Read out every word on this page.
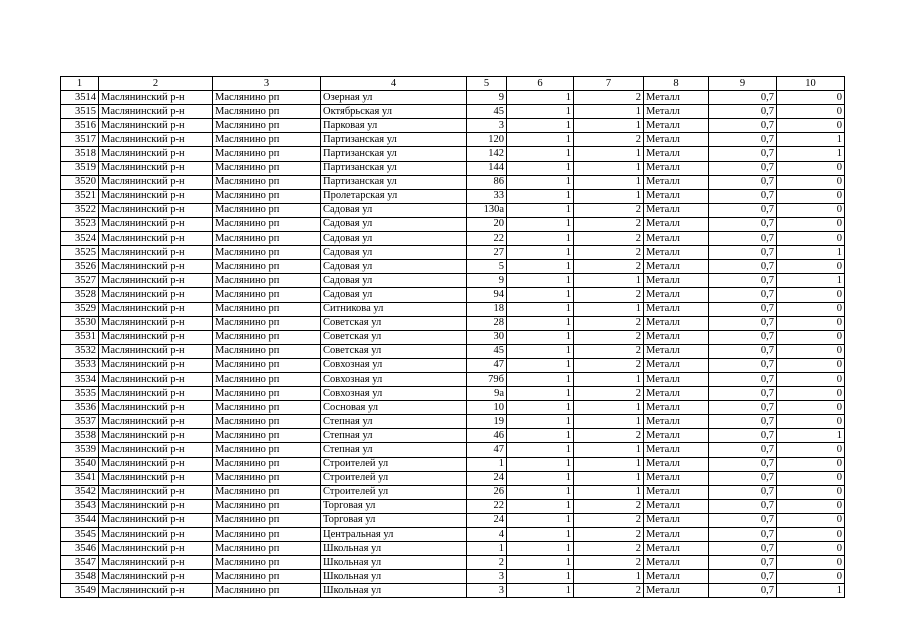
1	2	3	4	5	6	7	8	9	10
3514	Маслянинский р-н	Маслянино рп	Озерная ул	9	1	2	Металл	0,7	0
3515	Маслянинский р-н	Маслянино рп	Октябрьская ул	45	1	1	Металл	0,7	0
3516	Маслянинский р-н	Маслянино рп	Парковая ул	3	1	1	Металл	0,7	0
3517	Маслянинский р-н	Маслянино рп	Партизанская ул	120	1	2	Металл	0,7	1
3518	Маслянинский р-н	Маслянино рп	Партизанская ул	142	1	1	Металл	0,7	1
3519	Маслянинский р-н	Маслянино рп	Партизанская ул	144	1	1	Металл	0,7	0
3520	Маслянинский р-н	Маслянино рп	Партизанская ул	86	1	1	Металл	0,7	0
3521	Маслянинский р-н	Маслянино рп	Пролетарская ул	33	1	1	Металл	0,7	0
3522	Маслянинский р-н	Маслянино рп	Садовая ул	130а	1	2	Металл	0,7	0
3523	Маслянинский р-н	Маслянино рп	Садовая ул	20	1	2	Металл	0,7	0
3524	Маслянинский р-н	Маслянино рп	Садовая ул	22	1	2	Металл	0,7	0
3525	Маслянинский р-н	Маслянино рп	Садовая ул	27	1	2	Металл	0,7	1
3526	Маслянинский р-н	Маслянино рп	Садовая ул	5	1	2	Металл	0,7	0
3527	Маслянинский р-н	Маслянино рп	Садовая ул	9	1	1	Металл	0,7	1
3528	Маслянинский р-н	Маслянино рп	Садовая ул	94	1	2	Металл	0,7	0
3529	Маслянинский р-н	Маслянино рп	Ситникова ул	18	1	1	Металл	0,7	0
3530	Маслянинский р-н	Маслянино рп	Советская ул	28	1	2	Металл	0,7	0
3531	Маслянинский р-н	Маслянино рп	Советская ул	30	1	2	Металл	0,7	0
3532	Маслянинский р-н	Маслянино рп	Советская ул	45	1	2	Металл	0,7	0
3533	Маслянинский р-н	Маслянино рп	Совхозная ул	47	1	2	Металл	0,7	0
3534	Маслянинский р-н	Маслянино рп	Совхозная ул	79б	1	1	Металл	0,7	0
3535	Маслянинский р-н	Маслянино рп	Совхозная ул	9а	1	2	Металл	0,7	0
3536	Маслянинский р-н	Маслянино рп	Сосновая ул	10	1	1	Металл	0,7	0
3537	Маслянинский р-н	Маслянино рп	Степная ул	19	1	1	Металл	0,7	0
3538	Маслянинский р-н	Маслянино рп	Степная ул	46	1	2	Металл	0,7	1
3539	Маслянинский р-н	Маслянино рп	Степная ул	47	1	1	Металл	0,7	0
3540	Маслянинский р-н	Маслянино рп	Строителей ул	1	1	1	Металл	0,7	0
3541	Маслянинский р-н	Маслянино рп	Строителей ул	24	1	1	Металл	0,7	0
3542	Маслянинский р-н	Маслянино рп	Строителей ул	26	1	1	Металл	0,7	0
3543	Маслянинский р-н	Маслянино рп	Торговая ул	22	1	2	Металл	0,7	0
3544	Маслянинский р-н	Маслянино рп	Торговая ул	24	1	2	Металл	0,7	0
3545	Маслянинский р-н	Маслянино рп	Центральная ул	4	1	2	Металл	0,7	0
3546	Маслянинский р-н	Маслянино рп	Школьная ул	1	1	2	Металл	0,7	0
3547	Маслянинский р-н	Маслянино рп	Школьная ул	2	1	2	Металл	0,7	0
3548	Маслянинский р-н	Маслянино рп	Школьная ул	3	1	1	Металл	0,7	0
3549	Маслянинский р-н	Маслянино рп	Школьная ул	3	1	2	Металл	0,7	1
